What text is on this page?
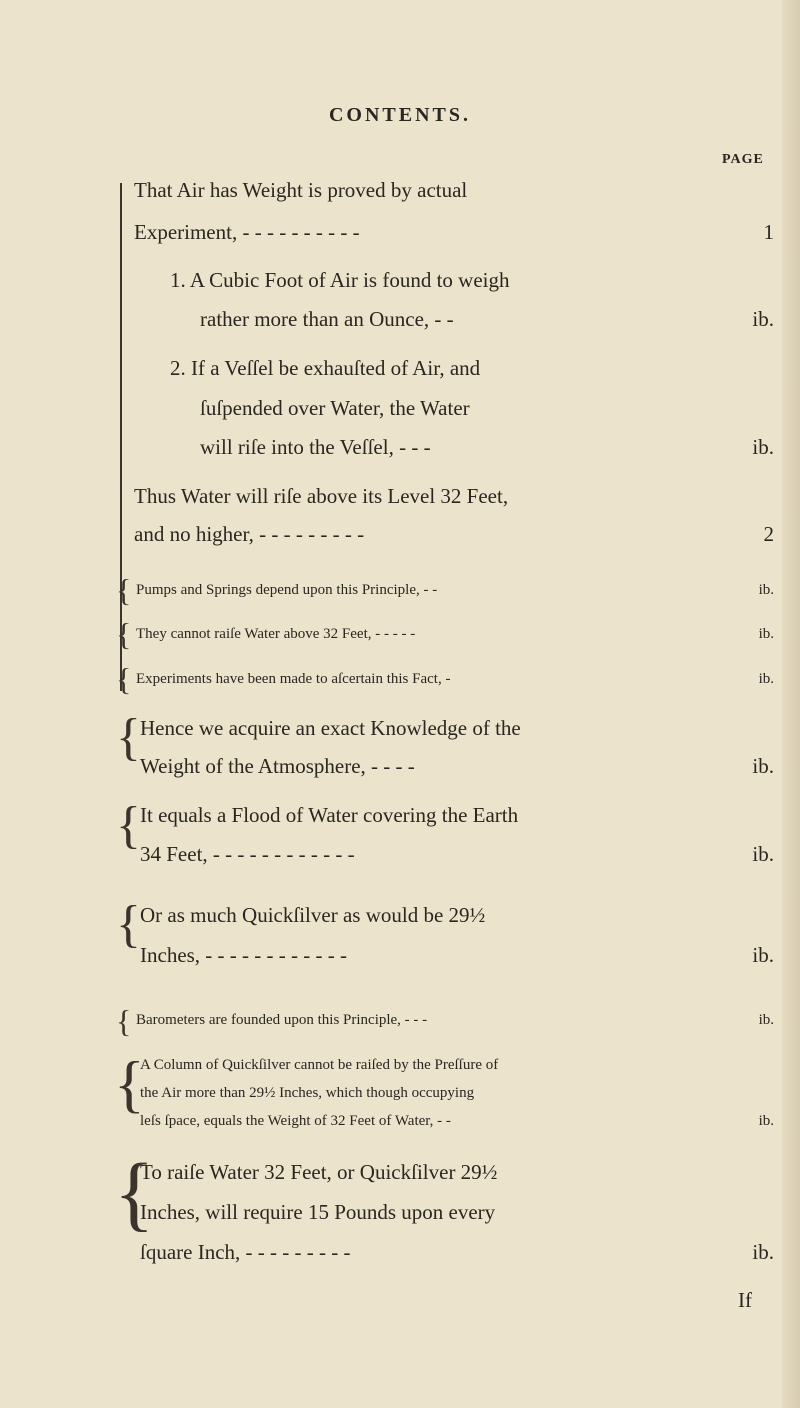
CONTENTS.
PAGE
That Air has Weight is proved by actual
Experiment, - - - - - - - - - -	1
1. A Cubic Foot of Air is found to weigh
rather more than an Ounce, - -	ib.
2. If a Veſſel be exhauſted of Air, and
ſuſpended over Water, the Water
will riſe into the Veſſel, - - -	ib.
Thus Water will riſe above its Level 32 Feet,
and no higher, - - - - - - - - -	2
{ Pumps and Springs depend upon this Principle, - -	ib.
{ They cannot raiſe Water above 32 Feet, - - - - -	ib.
{ Experiments have been made to aſcertain this Fact, -	ib.
{ Hence we acquire an exact Knowledge of the
Weight of the Atmosphere, - - - -	ib.
{ It equals a Flood of Water covering the Earth
34 Feet, - - - - - - - - - - - -	ib.
{ Or as much Quickſilver as would be 29½
Inches, - - - - - - - - - - - -	ib.
{ Barometers are founded upon this Principle, - - -	ib.
{
A Column of Quickſilver cannot be raiſed by the Preſſure of
the Air more than 29½ Inches, which though occupying
leſs ſpace, equals the Weight of 32 Feet of Water, - -	ib.
{
To raiſe Water 32 Feet, or Quickſilver 29½
Inches, will require 15 Pounds upon every
ſquare Inch, - - - - - - - - -	ib.
If
